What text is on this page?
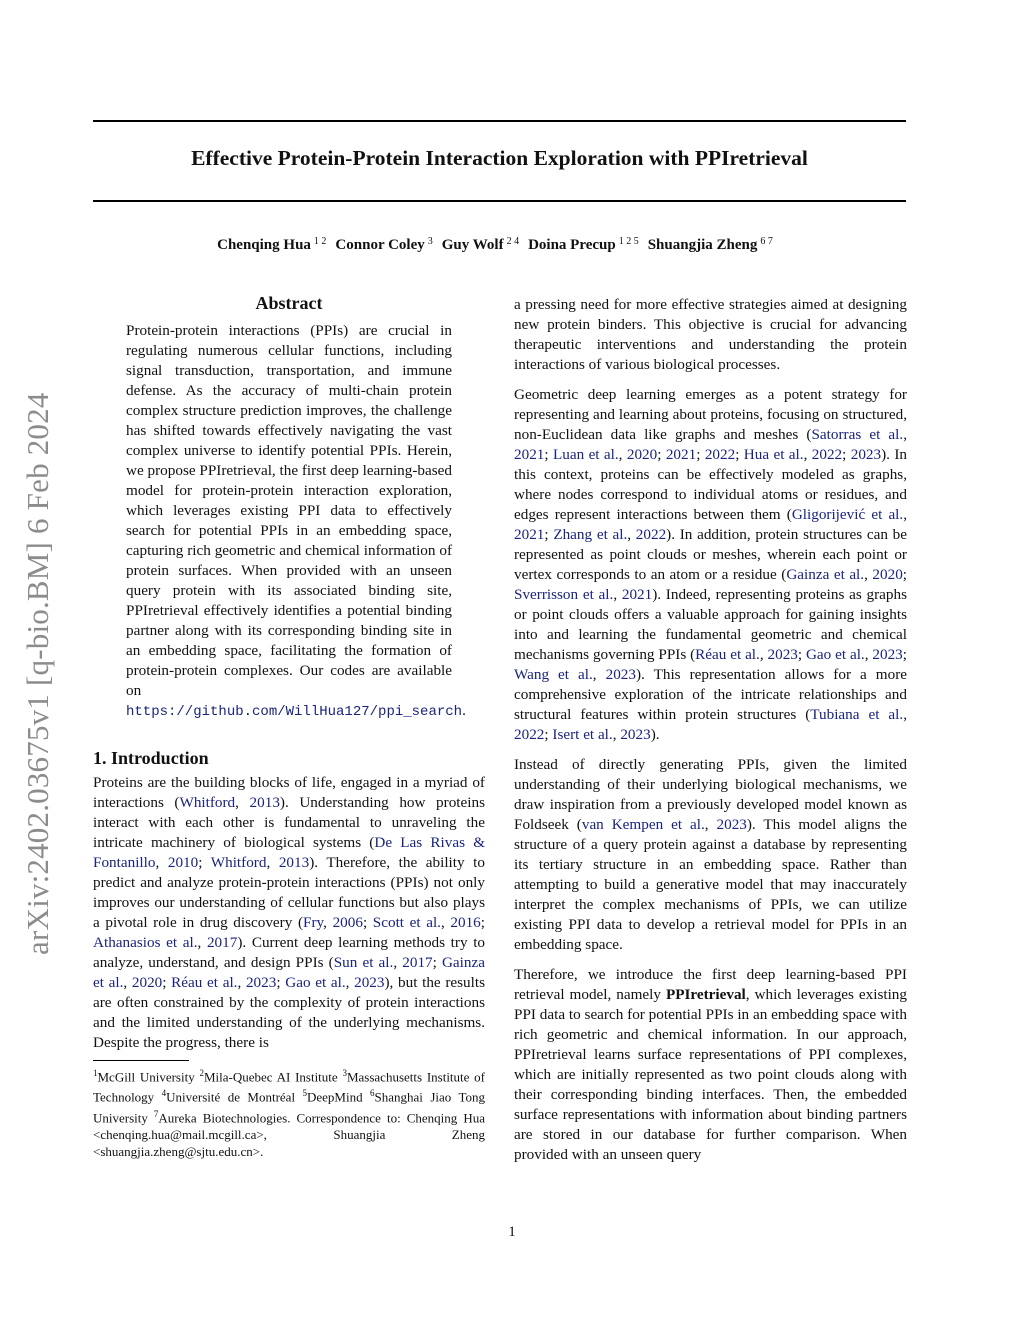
Effective Protein-Protein Interaction Exploration with PPIretrieval
Chenqing Hua $^{1 2}$ Connor Coley $^3$ Guy Wolf $^{2 4}$ Doina Precup $^{1 2 5}$ Shuangjia Zheng $^{6 7}$
arXiv:2402.03675v1 [q-bio.BM] 6 Feb 2024
Abstract
Protein-protein interactions (PPIs) are crucial in regulating numerous cellular functions, including signal transduction, transportation, and immune defense. As the accuracy of multi-chain protein complex structure prediction improves, the challenge has shifted towards effectively navigating the vast complex universe to identify potential PPIs. Herein, we propose PPIretrieval, the first deep learning-based model for protein-protein interaction exploration, which leverages existing PPI data to effectively search for potential PPIs in an embedding space, capturing rich geometric and chemical information of protein surfaces. When provided with an unseen query protein with its associated binding site, PPIretrieval effectively identifies a potential binding partner along with its corresponding binding site in an embedding space, facilitating the formation of protein-protein complexes. Our codes are available on https://github.com/WillHua127/ppi_search.
1. Introduction
Proteins are the building blocks of life, engaged in a myriad of interactions (Whitford, 2013). Understanding how proteins interact with each other is fundamental to unraveling the intricate machinery of biological systems (De Las Rivas & Fontanillo, 2010; Whitford, 2013). Therefore, the ability to predict and analyze protein-protein interactions (PPIs) not only improves our understanding of cellular functions but also plays a pivotal role in drug discovery (Fry, 2006; Scott et al., 2016; Athanasios et al., 2017). Current deep learning methods try to analyze, understand, and design PPIs (Sun et al., 2017; Gainza et al., 2020; Réau et al., 2023; Gao et al., 2023), but the results are often constrained by the complexity of protein interactions and the limited understanding of the underlying mechanisms. Despite the progress, there is
$^1$McGill University $^2$Mila-Quebec AI Institute $^3$Massachusetts Institute of Technology $^4$Université de Montréal $^5$DeepMind $^6$Shanghai Jiao Tong University $^7$Aureka Biotechnologies. Correspondence to: Chenqing Hua <chenqing.hua@mail.mcgill.ca>, Shuangjia Zheng <shuangjia.zheng@sjtu.edu.cn>.

a pressing need for more effective strategies aimed at designing new protein binders. This objective is crucial for advancing therapeutic interventions and understanding the protein interactions of various biological processes.

Geometric deep learning emerges as a potent strategy for representing and learning about proteins, focusing on structured, non-Euclidean data like graphs and meshes (Satorras et al., 2021; Luan et al., 2020; 2021; 2022; Hua et al., 2022; 2023). In this context, proteins can be effectively modeled as graphs, where nodes correspond to individual atoms or residues, and edges represent interactions between them (Gligorijević et al., 2021; Zhang et al., 2022). In addition, protein structures can be represented as point clouds or meshes, wherein each point or vertex corresponds to an atom or a residue (Gainza et al., 2020; Sverrisson et al., 2021). Indeed, representing proteins as graphs or point clouds offers a valuable approach for gaining insights into and learning the fundamental geometric and chemical mechanisms governing PPIs (Réau et al., 2023; Gao et al., 2023; Wang et al., 2023). This representation allows for a more comprehensive exploration of the intricate relationships and structural features within protein structures (Tubiana et al., 2022; Isert et al., 2023).

Instead of directly generating PPIs, given the limited understanding of their underlying biological mechanisms, we draw inspiration from a previously developed model known as Foldseek (van Kempen et al., 2023). This model aligns the structure of a query protein against a database by representing its tertiary structure in an embedding space. Rather than attempting to build a generative model that may inaccurately interpret the complex mechanisms of PPIs, we can utilize existing PPI data to develop a retrieval model for PPIs in an embedding space.

Therefore, we introduce the first deep learning-based PPI retrieval model, namely PPIretrieval, which leverages existing PPI data to search for potential PPIs in an embedding space with rich geometric and chemical information. In our approach, PPIretrieval learns surface representations of PPI complexes, which are initially represented as two point clouds along with their corresponding binding interfaces. Then, the embedded surface representations with information about binding partners are stored in our database for further comparison. When provided with an unseen query

1
